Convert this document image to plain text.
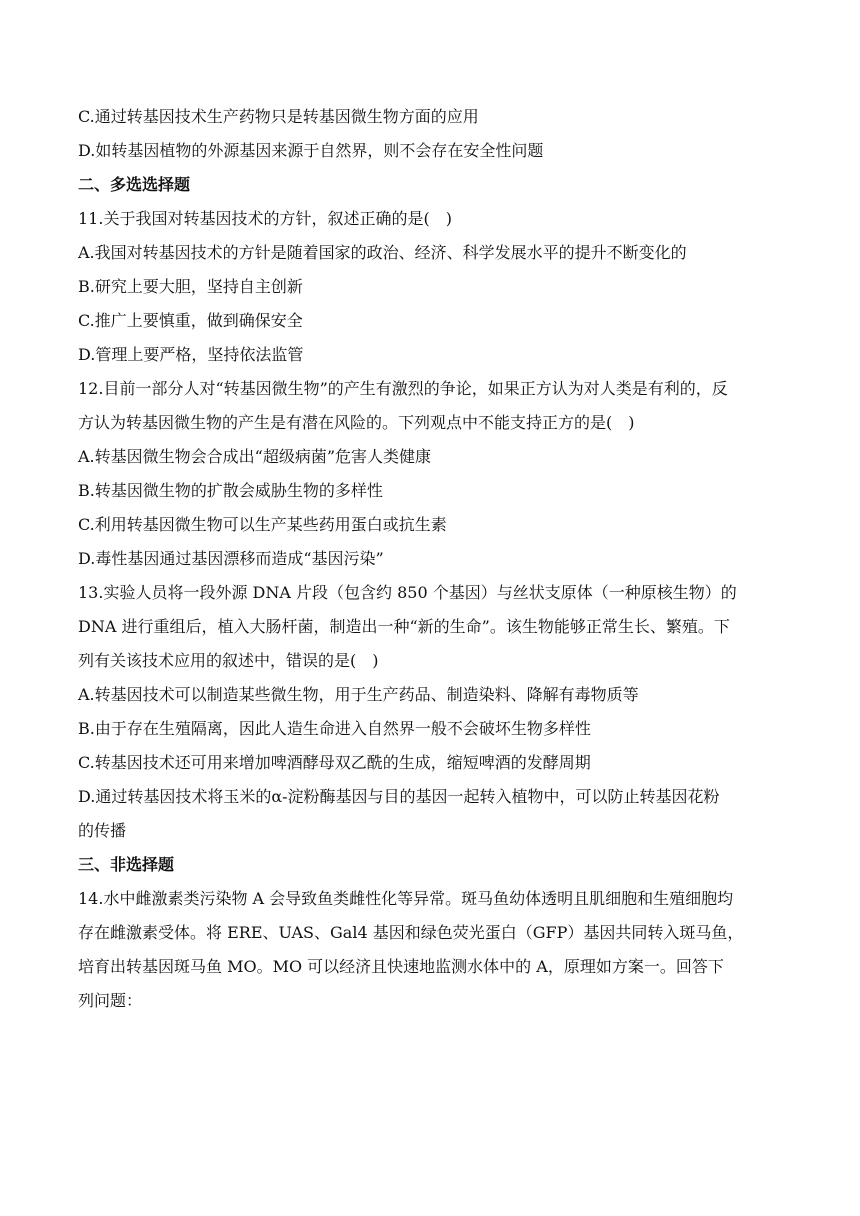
C.通过转基因技术生产药物只是转基因微生物方面的应用
D.如转基因植物的外源基因来源于自然界，则不会存在安全性问题
二、多选选择题
11.关于我国对转基因技术的方针，叙述正确的是(　)
A.我国对转基因技术的方针是随着国家的政治、经济、科学发展水平的提升不断变化的
B.研究上要大胆，坚持自主创新
C.推广上要慎重，做到确保安全
D.管理上要严格，坚持依法监管
12.目前一部分人对“转基因微生物”的产生有激烈的争论，如果正方认为对人类是有利的，反
方认为转基因微生物的产生是有潜在风险的。下列观点中不能支持正方的是(　)
A.转基因微生物会合成出“超级病菌”危害人类健康
B.转基因微生物的扩散会威胁生物的多样性
C.利用转基因微生物可以生产某些药用蛋白或抗生素
D.毒性基因通过基因漂移而造成“基因污染”
13.实验人员将一段外源 DNA 片段（包含约 850 个基因）与丝状支原体（一种原核生物）的
DNA 进行重组后，植入大肠杆菌，制造出一种“新的生命”。该生物能够正常生长、繁殖。下
列有关该技术应用的叙述中，错误的是(　)
A.转基因技术可以制造某些微生物，用于生产药品、制造染料、降解有毒物质等
B.由于存在生殖隔离，因此人造生命进入自然界一般不会破坏生物多样性
C.转基因技术还可用来增加啤酒酵母双乙酰的生成，缩短啤酒的发酵周期
D.通过转基因技术将玉米的α-淀粉酶基因与目的基因一起转入植物中，可以防止转基因花粉
的传播
三、非选择题
14.水中雌激素类污染物 A 会导致鱼类雌性化等异常。斑马鱼幼体透明且肌细胞和生殖细胞均
存在雌激素受体。将 ERE、UAS、Gal4 基因和绿色荧光蛋白（GFP）基因共同转入斑马鱼，
培育出转基因斑马鱼 MO。MO 可以经济且快速地监测水体中的 A，原理如方案一。回答下
列问题：
